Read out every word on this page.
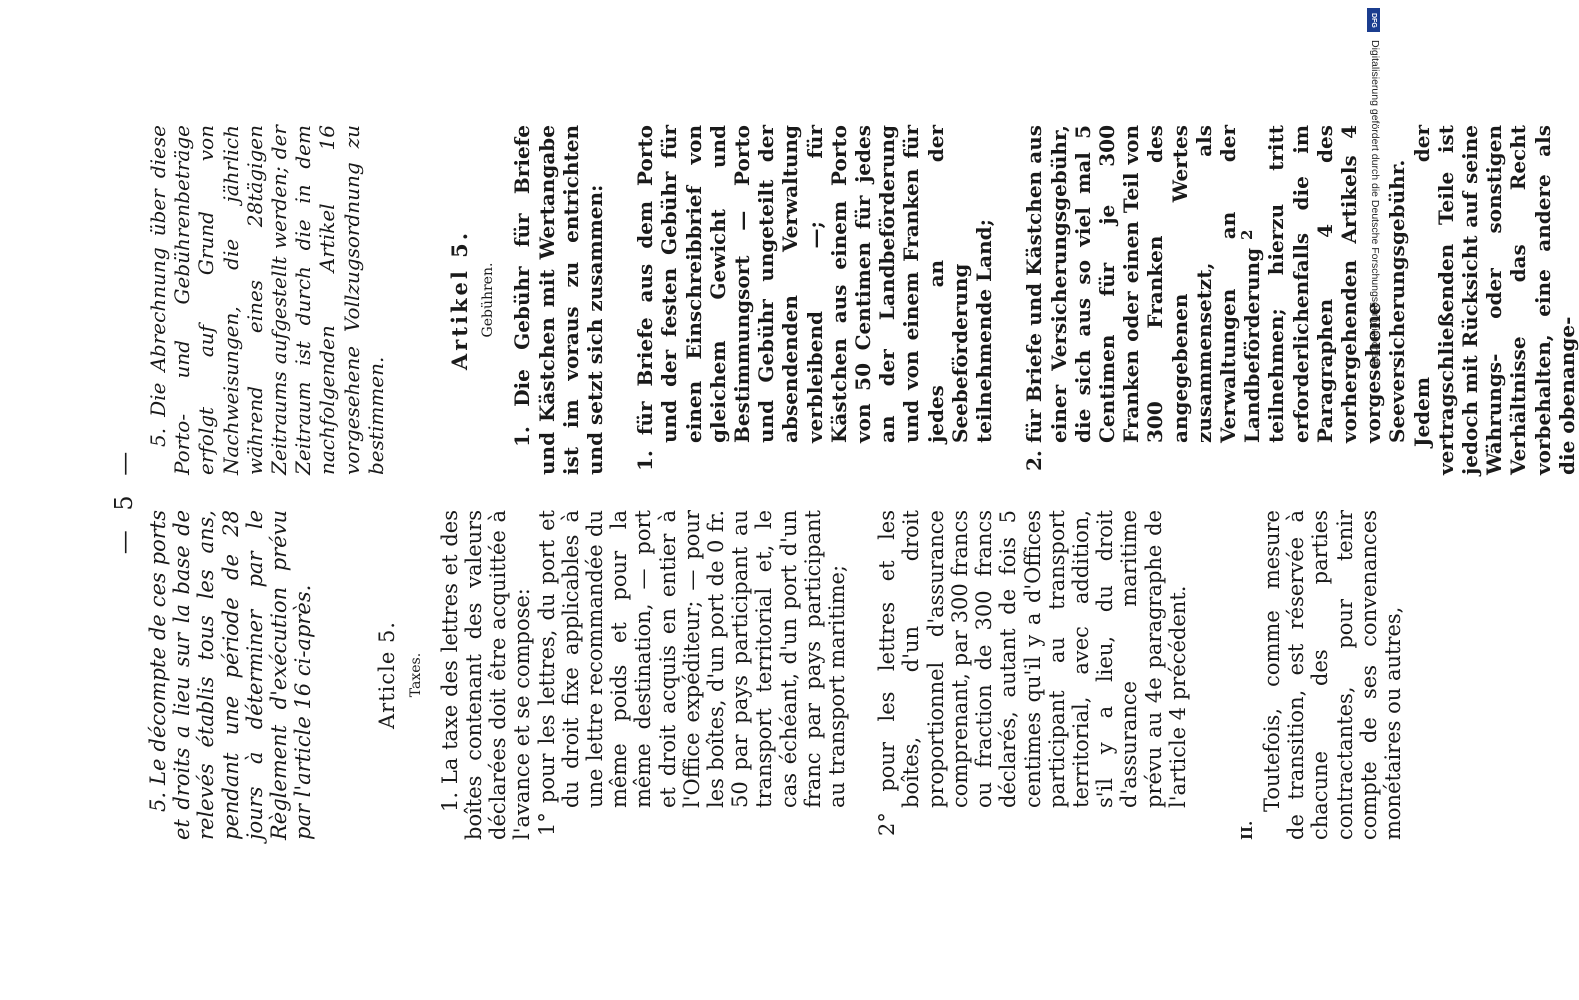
— 5 —

5. Le décompte de ces ports et droits a lieu sur la base de relevés établis tous les ans, pendant une période de 28 jours à déterminer par le Règlement d'exécution prévu par l'article 16 ci-après.	Article 5. Taxes. 1. La taxe des lettres et des boîtes contenant des valeurs déclarées doit être acquittée à l'avance et se compose: 1° pour les lettres, du port et du droit fixe applicables à une lettre recommandée du même poids et pour la même destination, — port et droit acquis en entier à l'Office expéditeur; — pour les boîtes, d'un port de 0 fr. 50 par pays participant au transport territorial et, le cas échéant, d'un port d'un franc par pays participant au transport maritime; 2° pour les lettres et les boîtes, d'un droit proportionnel d'assurance comprenant, par 300 francs ou fraction de 300 francs déclarés, autant de fois 5 centimes qu'il y a d'Offices participant au transport territorial, avec addition, s'il y a lieu, du droit d'assurance maritime prévu au 4e paragraphe de l'article 4 précédent.	Toutefois, comme mesure de transition, est réservée à chacune des parties contractantes, pour tenir compte de ses convenances monétaires ou autres,

5. Die Abrechnung über diese Porto- und Gebührenbeträge erfolgt auf Grund von Nachweisungen, die jährlich während eines 28tägigen Zeitraums aufgestellt werden; der Zeitraum ist durch die in dem nachfolgenden Artikel 16 vorgesehene Vollzugsordnung zu bestimmen.

Artikel 5. Gebühren. 1. Die Gebühr für Briefe und Kästchen mit Wertangabe ist im voraus zu entrichten und setzt sich zusammen: 1. für Briefe aus dem Porto und der festen Gebühr für einen Einschreibbrief von gleichem Gewicht und Bestimmungsort — Porto und Gebühr ungeteilt der absendenden Verwaltung verbleibend —; für Kästchen aus einem Porto von 50 Centimen für jedes an der Landbeförderung und von einem Franken für jedes an der Seebeförderung teilnehmende Land; 2. für Briefe und Kästchen aus einer Versicherungsgebühr, die sich aus so viel mal 5 Centimen für je 300 Franken oder einen Teil von 300 Franken des angegebenen Wertes zusammensetzt, als Verwaltungen an der Landbeförderung teilnehmen; hierzu tritt erforderlichenfalls die im Paragraphen 4 des vorhergehenden Artikels 4 vorgesehene Seeversicherungsgebühr. Jedem der vertragschließenden Teile ist jedoch mit Rücksicht auf seine Währungs- oder sonstigen Verhältnisse das Recht vorbehalten, eine andere als die obenange-

II.
2	Digitalisierung gefördert durch die Deutsche Forschungsgemeinschaft
DFG
